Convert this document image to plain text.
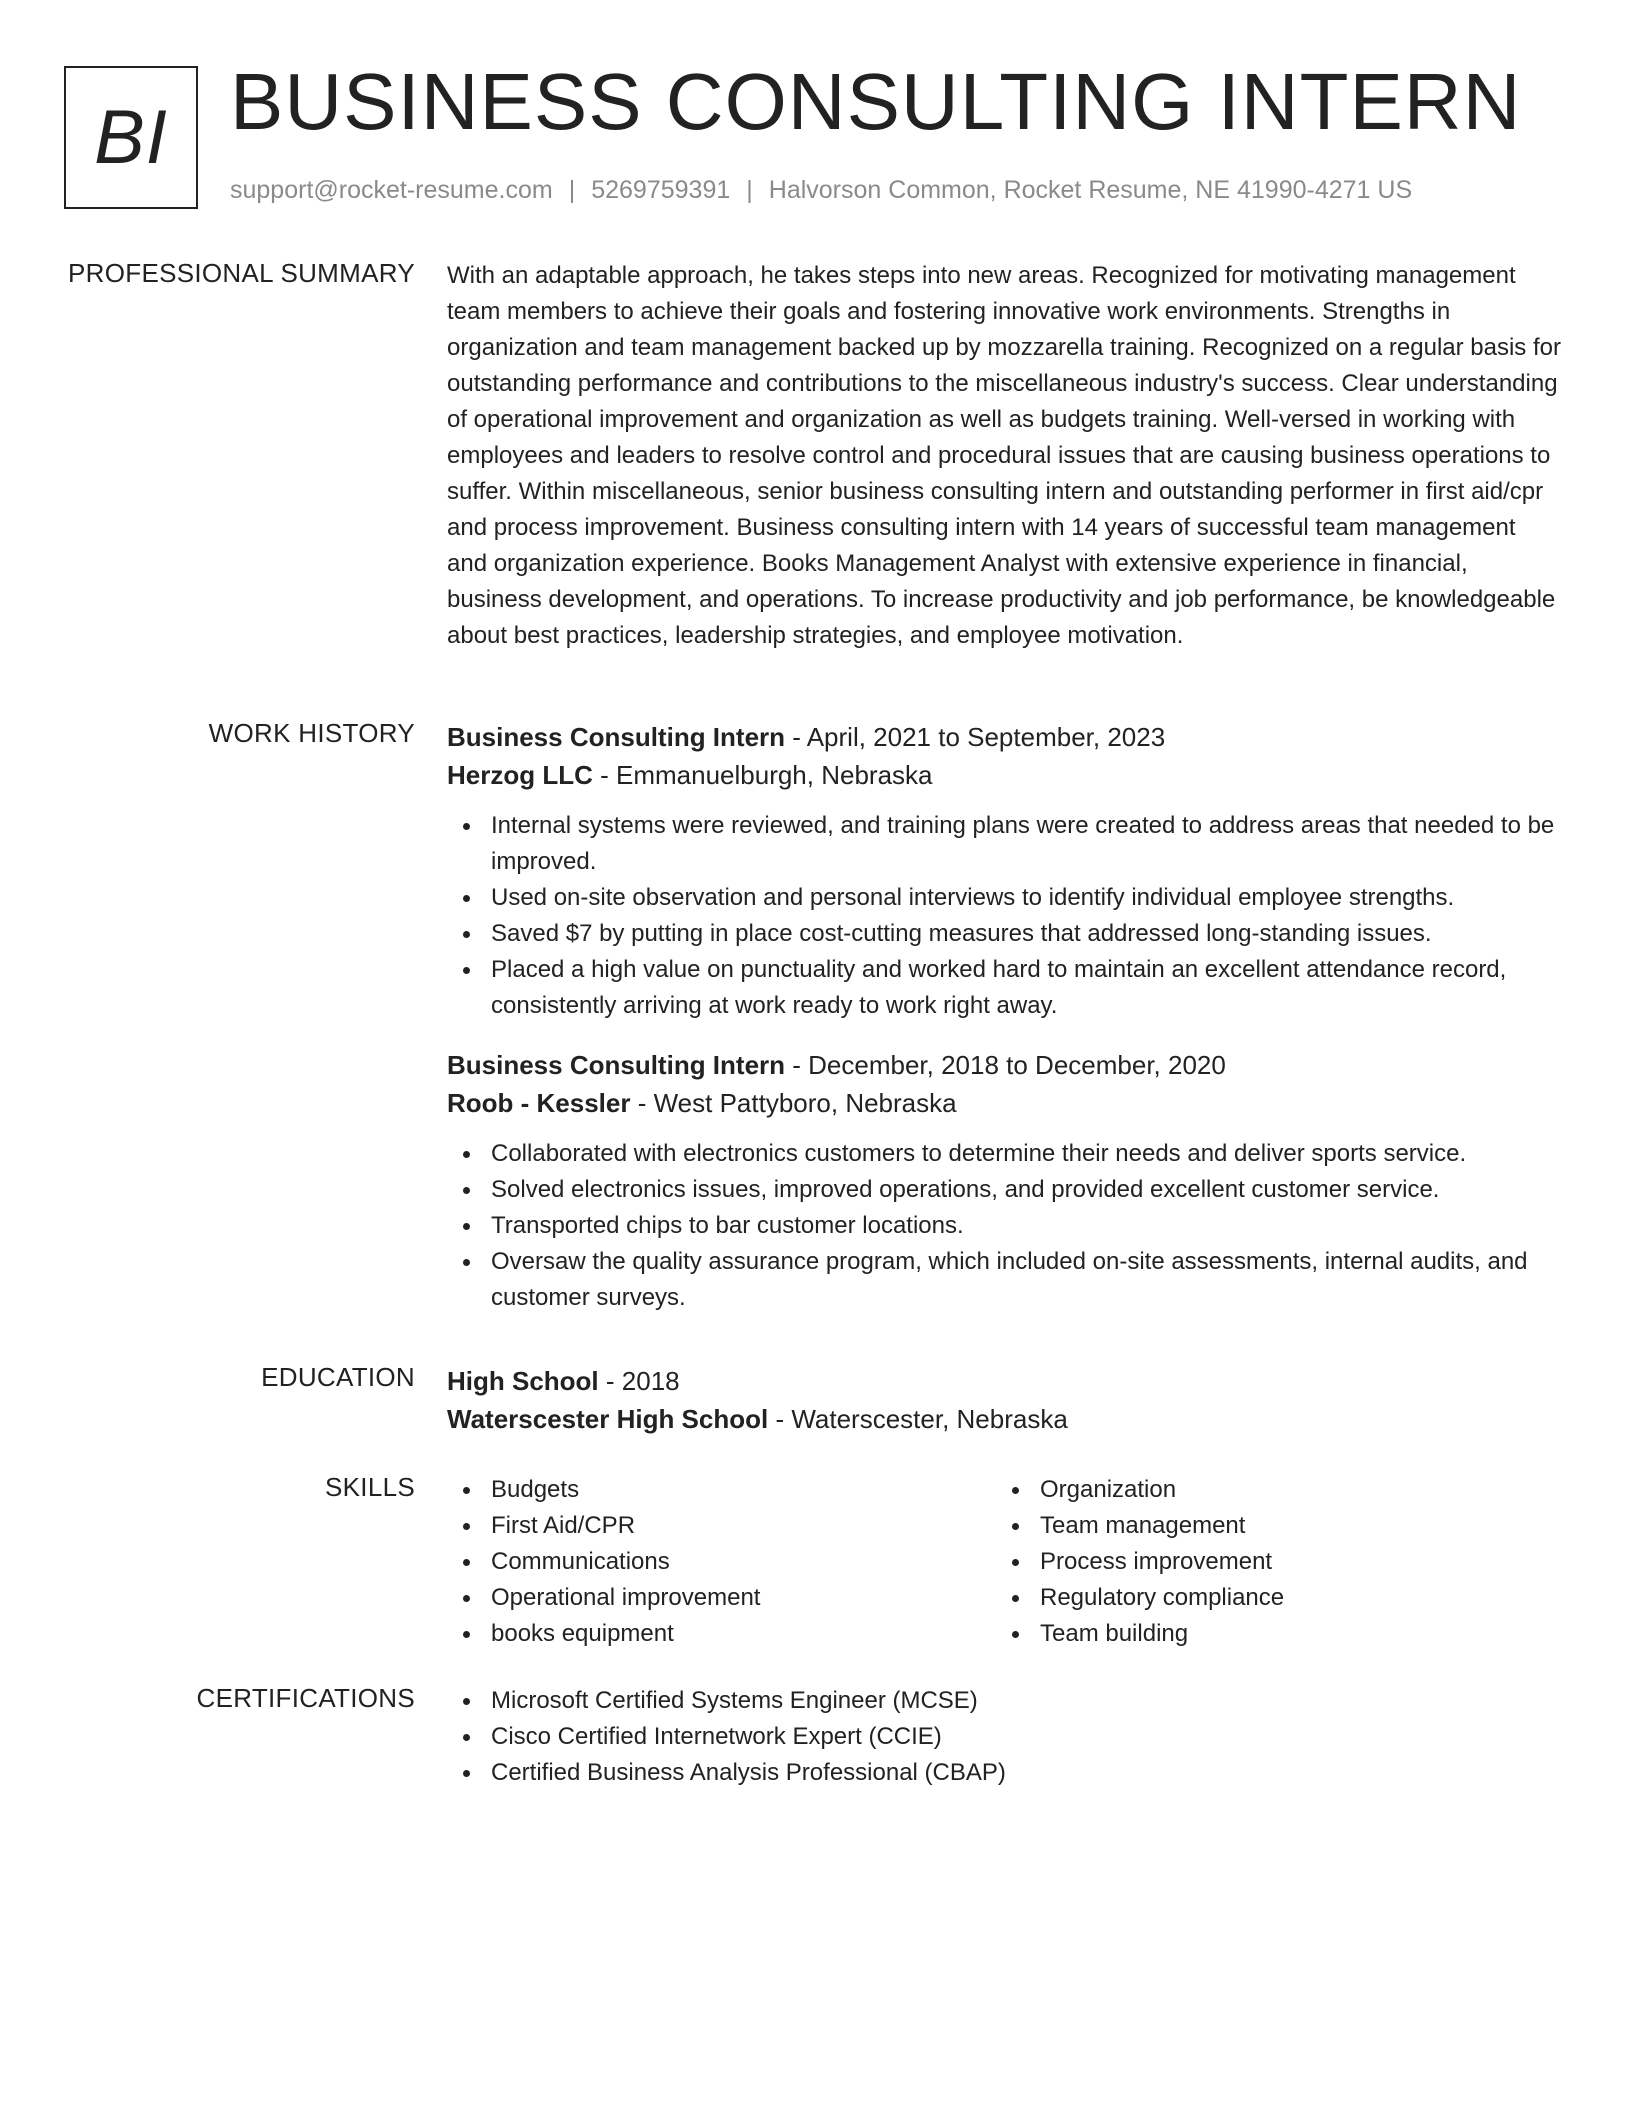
BI BUSINESS CONSULTING INTERN
support@rocket-resume.com | 5269759391 | Halvorson Common, Rocket Resume, NE 41990-4271 US
PROFESSIONAL SUMMARY With an adaptable approach, he takes steps into new areas. Recognized for motivating management team members to achieve their goals and fostering innovative work environments. Strengths in organization and team management backed up by mozzarella training. Recognized on a regular basis for outstanding performance and contributions to the miscellaneous industry's success. Clear understanding of operational improvement and organization as well as budgets training. Well-versed in working with employees and leaders to resolve control and procedural issues that are causing business operations to suffer. Within miscellaneous, senior business consulting intern and outstanding performer in first aid/cpr and process improvement. Business consulting intern with 14 years of successful team management and organization experience. Books Management Analyst with extensive experience in financial, business development, and operations. To increase productivity and job performance, be knowledgeable about best practices, leadership strategies, and employee motivation.

WORK HISTORY Business Consulting Intern - April, 2021 to September, 2023
Herzog LLC - Emmanuelburgh, Nebraska
Internal systems were reviewed, and training plans were created to address areas that needed to be improved.
Used on-site observation and personal interviews to identify individual employee strengths.
Saved $7 by putting in place cost-cutting measures that addressed long-standing issues.
Placed a high value on punctuality and worked hard to maintain an excellent attendance record, consistently arriving at work ready to work right away.
Business Consulting Intern - December, 2018 to December, 2020
Roob - Kessler - West Pattyboro, Nebraska
Collaborated with electronics customers to determine their needs and deliver sports service.
Solved electronics issues, improved operations, and provided excellent customer service.
Transported chips to bar customer locations.
Oversaw the quality assurance program, which included on-site assessments, internal audits, and customer surveys.
EDUCATION High School - 2018
Waterscester High School - Waterscester, Nebraska
SKILLS	Budgets
First Aid/CPR
Communications
Operational improvement
books equipment
Organization
Team management
Process improvement
Regulatory compliance
Team building
CERTIFICATIONS	Microsoft Certified Systems Engineer (MCSE)
Cisco Certified Internetwork Expert (CCIE)
Certified Business Analysis Professional (CBAP)
